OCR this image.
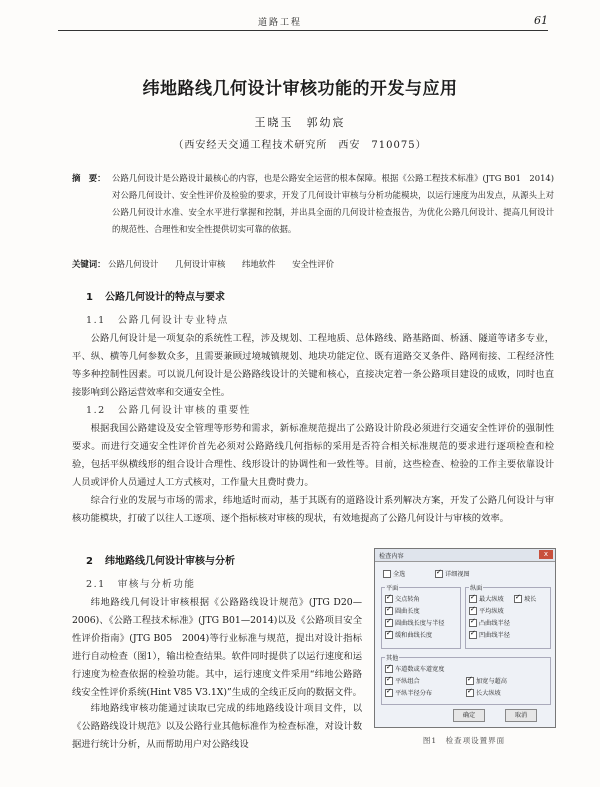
道路工程	61
纬地路线几何设计审核功能的开发与应用
王晓玉　郭幼宸
（西安经天交通工程技术研究所　西安　710075）
摘　要： 公路几何设计是公路设计最核心的内容，也是公路安全运营的根本保障。根据《公路工程技术标准》(JTG B01　2014)对公路几何设计、安全性评价及检验的要求，开发了几何设计审核与分析功能模块，以运行速度为出发点，从源头上对公路几何设计水准、安全水平进行掌握和控制，并出具全面的几何设计检查报告，为优化公路几何设计、提高几何设计的规范性、合理性和安全性提供切实可靠的依据。
关键词： 公路几何设计 几何设计审核 纬地软件 安全性评价
1 公路几何设计的特点与要求
1.1 公路几何设计专业特点

公路几何设计是一项复杂的系统性工程，涉及规划、工程地质、总体路线、路基路面、桥涵、隧道等诸多专业，平、纵、横等几何参数众多，且需要兼顾过境城镇规划、地块功能定位、既有道路交叉条件、路网衔接、工程经济性等多种控制性因素。可以说几何设计是公路路线设计的关键和核心，直接决定着一条公路项目建设的成败，同时也直接影响到公路运营效率和交通安全性。

1.2 公路几何设计审核的重要性

根据我国公路建设及安全管理等形势和需求，新标准规范提出了公路设计阶段必须进行交通安全性评价的强制性要求。而进行交通安全性评价首先必须对公路路线几何指标的采用是否符合相关标准规范的要求进行逐项检查和检验，包括平纵横线形的组合设计合理性、线形设计的协调性和一致性等。目前，这些检查、检验的工作主要依靠设计人员或评价人员通过人工方式核对，工作量大且费时费力。

综合行业的发展与市场的需求，纬地适时而动，基于其既有的道路设计系列解决方案，开发了公路几何设计与审核功能模块，打破了以往人工逐项、逐个指标核对审核的现状，有效地提高了公路几何设计与审核的效率。

2 纬地路线几何设计审核与分析
2.1 审核与分析功能

纬地路线几何设计审核根据《公路路线设计规范》(JTG D20—2006)、《公路工程技术标准》(JTG B01—2014)以及《公路项目安全性评价指南》(JTG B05　2004)等行业标准与规范，提出对设计指标进行自动检查（图1），输出检查结果。软件同时提供了以运行速度和运行速度为检查依据的检验功能。其中，运行速度文件采用“纬地公路路线安全性评价系统(Hint V85 V3.1X)”生成的全线正反向的数据文件。

纬地路线审核功能通过读取已完成的纬地路线设计项目文件，以《公路路线设计规范》以及公路行业其他标准作为检查标准，对设计数据进行统计分析，从而帮助用户对公路线设

检查内容	x
全选 ✓	详细视图
平面
✓交点转角
✓圆曲长度
✓圆曲线长度与半径
✓缓和曲线长度
纵面
✓最大纵坡 ✓	坡长
✓平均纵坡
✓凸曲线半径
✓凹曲线半径
其他
✓车道数或车道宽度
✓平纵组合 ✓	加宽与超高
✓平纵半径分布 ✓	长大纵坡
确定	取消
图1　检查项设置界面
